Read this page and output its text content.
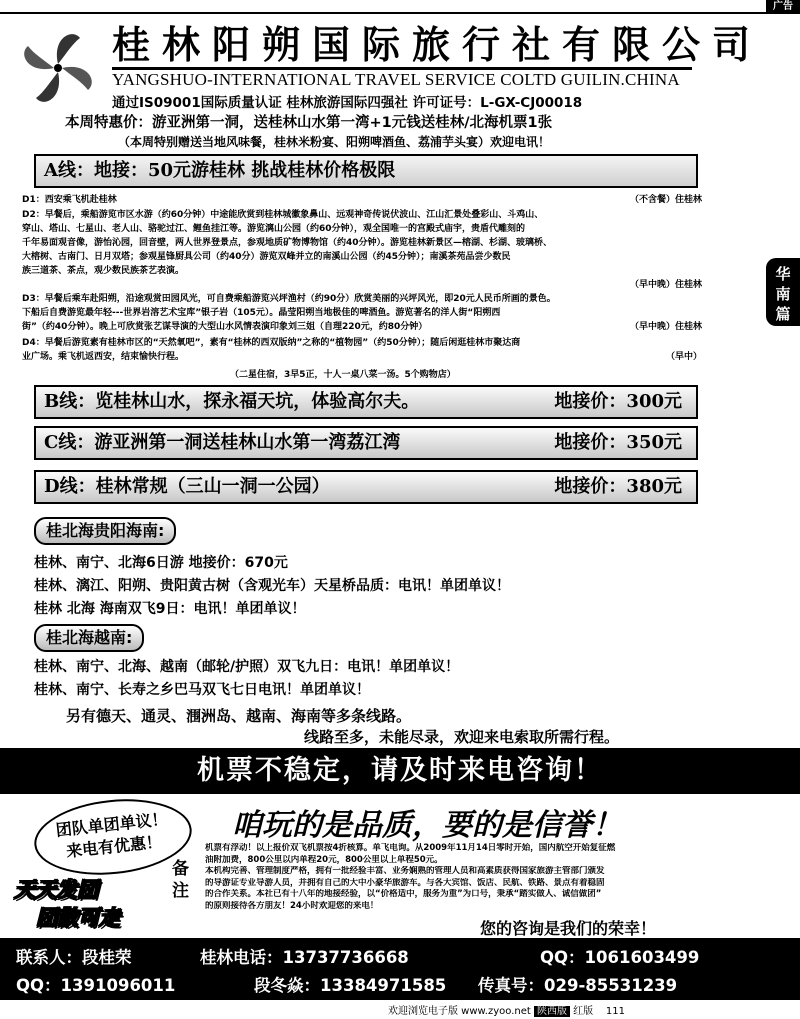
广告
华南篇
桂林阳朔国际旅行社有限公司
YANGSHUO-INTERNATIONAL TRAVEL SERVICE COLTD GUILIN.CHINA
通过IS09001国际质量认证 桂林旅游国际四强社 许可证号：L-GX-CJ00018
本周特惠价：游亚洲第一洞，送桂林山水第一湾+1元钱送桂林/北海机票1张
（本周特别赠送当地风味餐，桂林米粉宴、阳朔啤酒鱼、荔浦芋头宴）欢迎电讯！
A线：地接：50元游桂林 挑战桂林价格极限
D1：西安乘飞机赴桂林	（不含餐）住桂林
D2：早餐后，乘船游览市区水游（约60分钟）中途能欣赏到桂林城徽象鼻山、远观神奇传说伏波山、江山汇景处叠彩山、斗鸡山、
穿山、塔山、七星山、老人山、骆驼过江、鲤鱼挂江等。游览漓山公园（约60分钟），观全国唯一的宫殿式庙宇，贵盾代雕刻的
千年易面观音像，游怡沁园，回音壁，两人世界登景点，参观地质矿物博物馆（约40分钟）。游览桂林新景区—榕湖、杉湖、玻璃桥、
大榕树、古南门、日月双塔；参观星锋厨具公司（约40分）游览双峰并立的南溪山公园（约45分钟）；南溪茶苑品尝少数民
族三道茶、茶点，观少数民族茶艺表演。
（早中晚）住桂林
D3：早餐后乘车赴阳朔，沿途观赏田园风光，可自费乘船游览兴坪渔村（约90分）欣赏美丽的兴坪风光，即20元人民币所画的景色。
下船后自费游览最年轻---世界岩溶艺术宝库”银子岩（105元）。晶莹阳朔当地极佳的啤酒鱼。游览著名的洋人街“阳朔西
街”（约40分钟）。晚上可欣赏张艺谋导演的大型山水风情表演印象刘三姐（自理220元，约80分钟）	（早中晚）住桂林
D4：早餐后游览素有桂林市区的“天然氧吧”，素有“桂林的西双版纳”之称的“植物园”（约50分钟）；随后闲逛桂林市聚达商
业广场。乘飞机返西安，结束愉快行程。	（早中）
（二星住宿，3早5正，十人一桌八菜一汤。5个购物店）
B线：览桂林山水，探永福天坑，体验高尔夫。	地接价：300元
C线：游亚洲第一洞送桂林山水第一湾荔江湾	地接价：350元
D线：桂林常规（三山一洞一公园）	地接价：380元
桂北海贵阳海南:
桂林、南宁、北海6日游 地接价：670元
桂林、漓江、阳朔、贵阳黄古树（含观光车）天星桥品质：电讯！单团单议！
桂林 北海 海南双飞9日：电讯！单团单议！
桂北海越南:
桂林、南宁、北海、越南（邮轮/护照）双飞九日：电讯！单团单议！
桂林、南宁、长寿之乡巴马双飞七日电讯！单团单议！
另有德天、通灵、涠洲岛、越南、海南等多条线路。
线路至多，未能尽录，欢迎来电索取所需行程。
机票不稳定，请及时来电咨询！
团队单团单议！
来电有优惠！
天天发团
团散可走
备注
咱玩的是品质，要的是信誉！
机票有浮动！以上报价双飞机票按4折核算。单飞电询。从2009年11月14日零时开始，国内航空开始复征燃
油附加费，800公里以内单程20元，800公里以上单程50元。
本机构完善、管理制度严格，拥有一批经验丰富、业务娴熟的管理人员和高素质获得国家旅游主管部门颁发
的导游证专业导游人员，并拥有自己的大中小豪华旅游车。与各大宾馆、饭店、民航、铁路、景点有着稳固
的合作关系。本社已有十八年的地接经验，以“价格适中，服务为重”为口号，秉承“踏实做人、诚信做团”
的原则接待各方朋友！24小时欢迎您的来电！
您的咨询是我们的荣幸！
联系人：段桂荣	桂林电话：13737736668	QQ：1061603499
QQ：1391096011	段冬焱：13384971585 传真号：029-85531239
欢迎浏览电子版 www.zyoo.net 陕西版 红版 111
